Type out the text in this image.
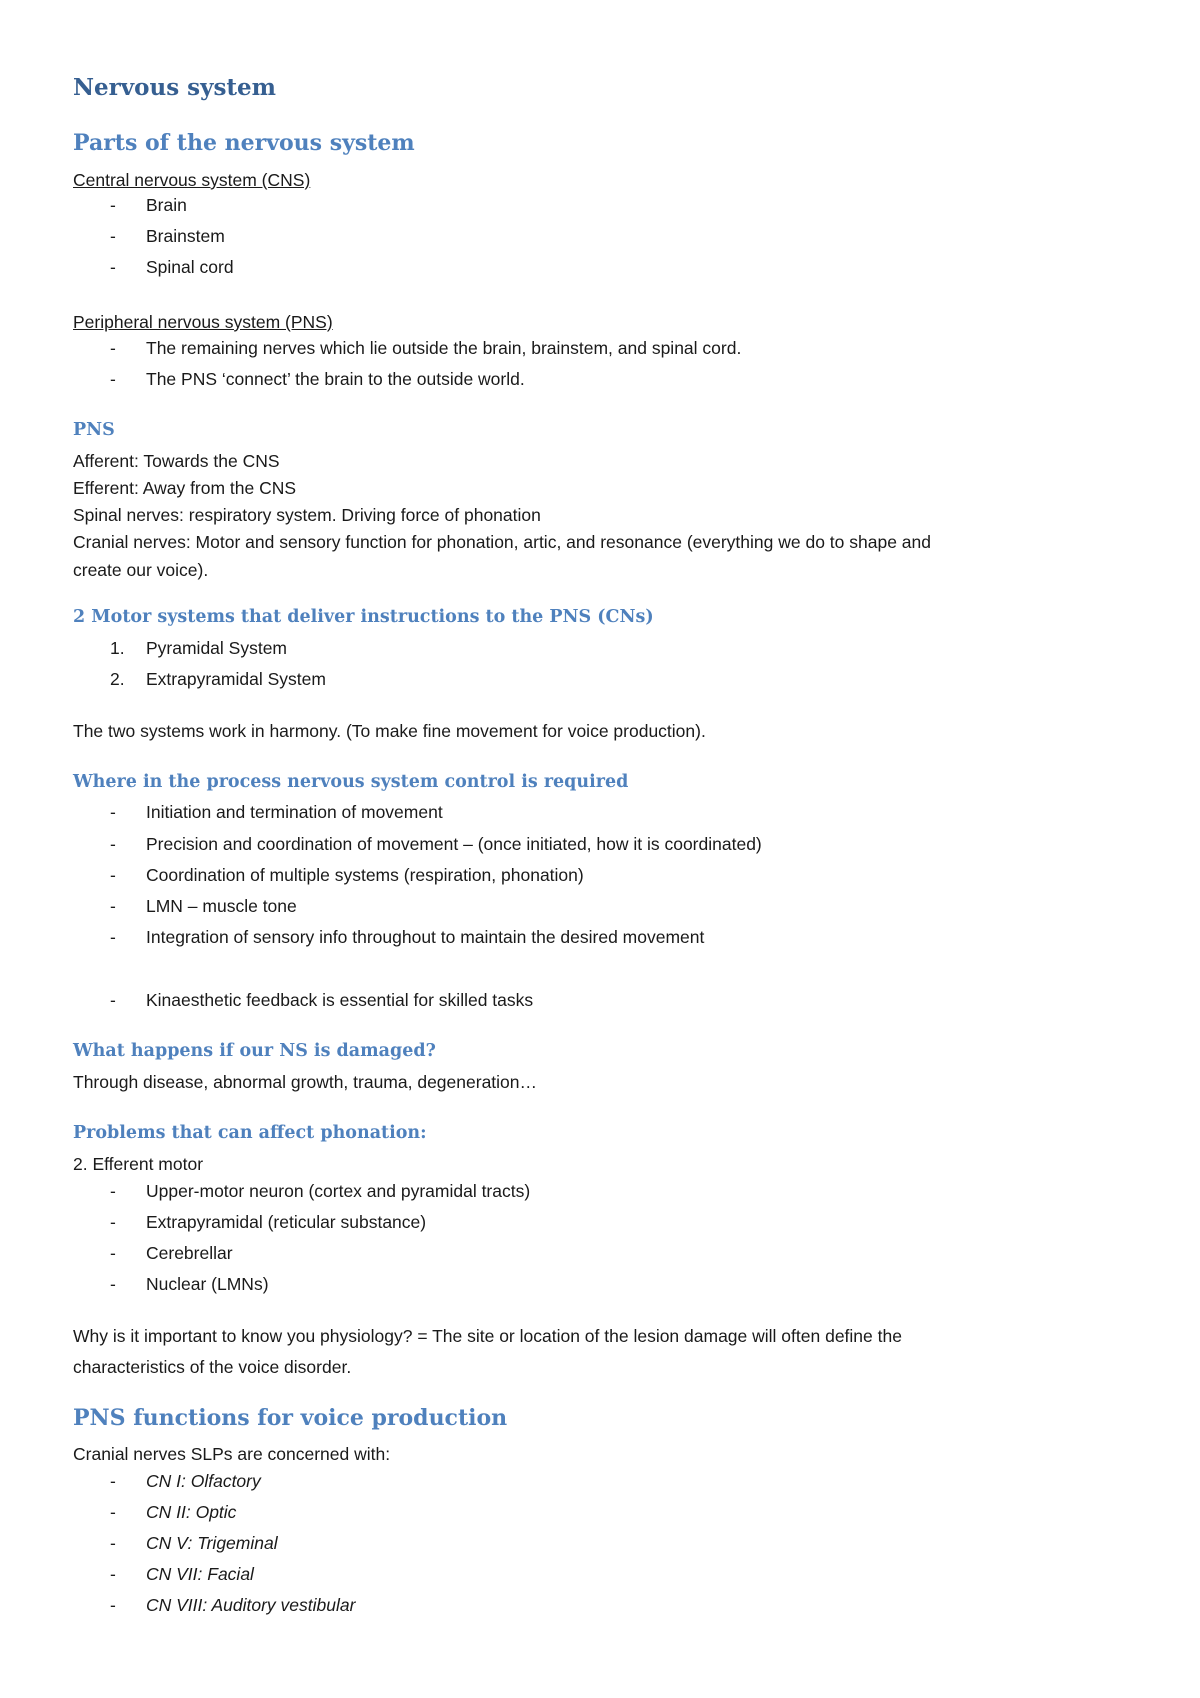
Nervous system
Parts of the nervous system
Central nervous system (CNS)
- Brain
- Brainstem
- Spinal cord
Peripheral nervous system (PNS)
- The remaining nerves which lie outside the brain, brainstem, and spinal cord.
- The PNS ‘connect’ the brain to the outside world.
PNS
Afferent: Towards the CNS
Efferent: Away from the CNS
Spinal nerves: respiratory system. Driving force of phonation
Cranial nerves: Motor and sensory function for phonation, artic, and resonance (everything we do to shape and
create our voice).
2 Motor systems that deliver instructions to the PNS (CNs)
1. Pyramidal System
2. Extrapyramidal System
The two systems work in harmony. (To make fine movement for voice production).
Where in the process nervous system control is required
- Initiation and termination of movement
- Precision and coordination of movement – (once initiated, how it is coordinated)
- Coordination of multiple systems (respiration, phonation)
- LMN – muscle tone
- Integration of sensory info throughout to maintain the desired movement
- Kinaesthetic feedback is essential for skilled tasks
What happens if our NS is damaged?
Through disease, abnormal growth, trauma, degeneration…
Problems that can affect phonation:
2. Efferent motor
- Upper-motor neuron (cortex and pyramidal tracts)
- Extrapyramidal (reticular substance)
- Cerebrellar
- Nuclear (LMNs)
Why is it important to know you physiology? = The site or location of the lesion damage will often define the
characteristics of the voice disorder.
PNS functions for voice production
Cranial nerves SLPs are concerned with:
- CN I: Olfactory
- CN II: Optic
- CN V: Trigeminal
- CN VII: Facial
- CN VIII: Auditory vestibular
